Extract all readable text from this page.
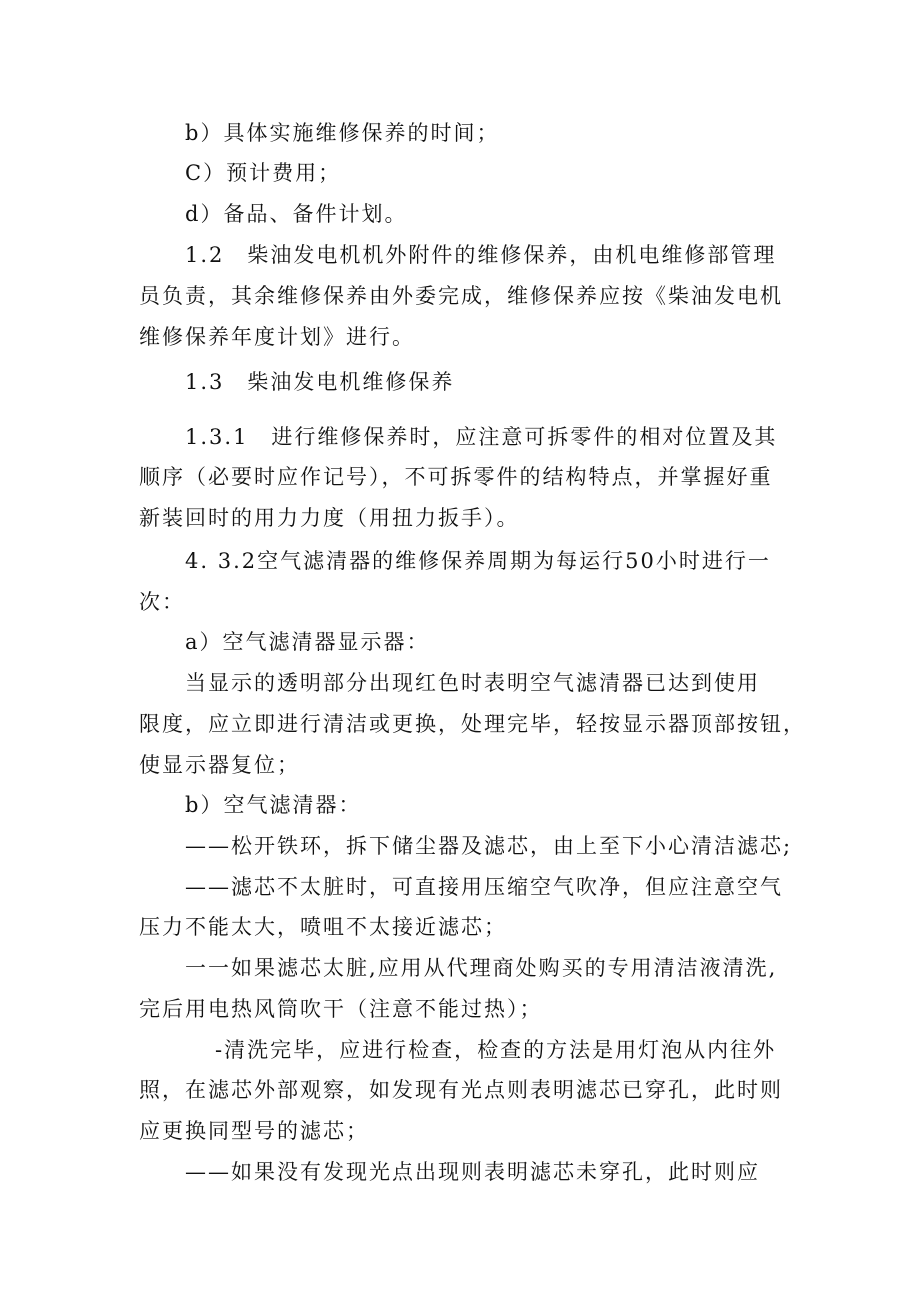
b）具体实施维修保养的时间；
C）预计费用；
d）备品、备件计划。
1.2　柴油发电机机外附件的维修保养，由机电维修部管理
员负责，其余维修保养由外委完成，维修保养应按《柴油发电机
维修保养年度计划》进行。
1.3　柴油发电机维修保养
1.3.1　进行维修保养时，应注意可拆零件的相对位置及其
顺序（必要时应作记号），不可拆零件的结构特点，并掌握好重
新装回时的用力力度（用扭力扳手）。
4. 3.2空气滤清器的维修保养周期为每运行50小时进行一
次：
a）空气滤清器显示器：
当显示的透明部分出现红色时表明空气滤清器已达到使用
限度，应立即进行清洁或更换，处理完毕，轻按显示器顶部按钮，
使显示器复位；
b）空气滤清器：
——松开铁环，拆下储尘器及滤芯，由上至下小心清洁滤芯;
——滤芯不太脏时，可直接用压缩空气吹净，但应注意空气
压力不能太大，喷咀不太接近滤芯；
一一如果滤芯太脏,应用从代理商处购买的专用清洁液清洗,
完后用电热风筒吹干（注意不能过热）；
-清洗完毕，应进行检查，检查的方法是用灯泡从内往外
照，在滤芯外部观察，如发现有光点则表明滤芯已穿孔，此时则
应更换同型号的滤芯；
——如果没有发现光点出现则表明滤芯未穿孔，此时则应
